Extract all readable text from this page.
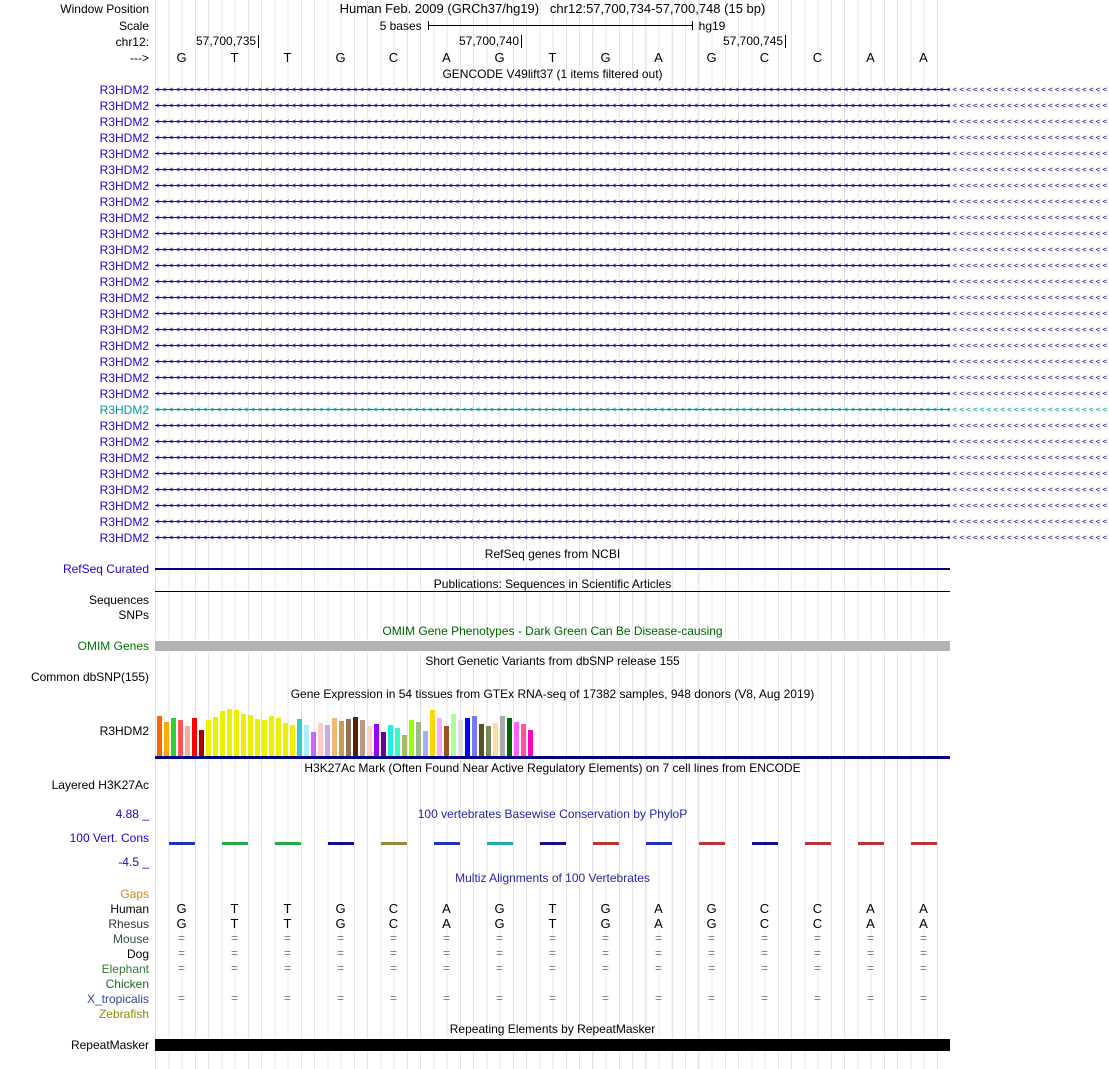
Window Position	Human Feb. 2009 (GRCh37/hg19)   chr12:57,700,734-57,700,748 (15 bp)
Scale	5 bases	hg19
chr12:	57,700,735	57,700,740	57,700,745
--->	G	T	T	G	C	A	G	T	G	A	G	C	C	A	A
GENCODE V49lift37 (1 items filtered out)
R3HDM2 <<<<<<<<<<<<<<<<<<<<<<<<<<<<<<<<<<<<<<<<<<<<<<<<<<<<<<<<<<<<<<<<<<<<<<<<<<<<<<<<<<<<<<<<<<<<<<<<<<<<<<<<<<<<<<<<<<<<<<<<<<<<<<<<<<<<<<<<<<<<
R3HDM2 <<<<<<<<<<<<<<<<<<<<<<<<<<<<<<<<<<<<<<<<<<<<<<<<<<<<<<<<<<<<<<<<<<<<<<<<<<<<<<<<<<<<<<<<<<<<<<<<<<<<<<<<<<<<<<<<<<<<<<<<<<<<<<<<<<<<<<<<<<<<
R3HDM2 <<<<<<<<<<<<<<<<<<<<<<<<<<<<<<<<<<<<<<<<<<<<<<<<<<<<<<<<<<<<<<<<<<<<<<<<<<<<<<<<<<<<<<<<<<<<<<<<<<<<<<<<<<<<<<<<<<<<<<<<<<<<<<<<<<<<<<<<<<<<
R3HDM2 <<<<<<<<<<<<<<<<<<<<<<<<<<<<<<<<<<<<<<<<<<<<<<<<<<<<<<<<<<<<<<<<<<<<<<<<<<<<<<<<<<<<<<<<<<<<<<<<<<<<<<<<<<<<<<<<<<<<<<<<<<<<<<<<<<<<<<<<<<<<
R3HDM2 <<<<<<<<<<<<<<<<<<<<<<<<<<<<<<<<<<<<<<<<<<<<<<<<<<<<<<<<<<<<<<<<<<<<<<<<<<<<<<<<<<<<<<<<<<<<<<<<<<<<<<<<<<<<<<<<<<<<<<<<<<<<<<<<<<<<<<<<<<<<
R3HDM2 <<<<<<<<<<<<<<<<<<<<<<<<<<<<<<<<<<<<<<<<<<<<<<<<<<<<<<<<<<<<<<<<<<<<<<<<<<<<<<<<<<<<<<<<<<<<<<<<<<<<<<<<<<<<<<<<<<<<<<<<<<<<<<<<<<<<<<<<<<<<
R3HDM2 <<<<<<<<<<<<<<<<<<<<<<<<<<<<<<<<<<<<<<<<<<<<<<<<<<<<<<<<<<<<<<<<<<<<<<<<<<<<<<<<<<<<<<<<<<<<<<<<<<<<<<<<<<<<<<<<<<<<<<<<<<<<<<<<<<<<<<<<<<<<
R3HDM2 <<<<<<<<<<<<<<<<<<<<<<<<<<<<<<<<<<<<<<<<<<<<<<<<<<<<<<<<<<<<<<<<<<<<<<<<<<<<<<<<<<<<<<<<<<<<<<<<<<<<<<<<<<<<<<<<<<<<<<<<<<<<<<<<<<<<<<<<<<<<
R3HDM2 <<<<<<<<<<<<<<<<<<<<<<<<<<<<<<<<<<<<<<<<<<<<<<<<<<<<<<<<<<<<<<<<<<<<<<<<<<<<<<<<<<<<<<<<<<<<<<<<<<<<<<<<<<<<<<<<<<<<<<<<<<<<<<<<<<<<<<<<<<<<
R3HDM2 <<<<<<<<<<<<<<<<<<<<<<<<<<<<<<<<<<<<<<<<<<<<<<<<<<<<<<<<<<<<<<<<<<<<<<<<<<<<<<<<<<<<<<<<<<<<<<<<<<<<<<<<<<<<<<<<<<<<<<<<<<<<<<<<<<<<<<<<<<<<
R3HDM2 <<<<<<<<<<<<<<<<<<<<<<<<<<<<<<<<<<<<<<<<<<<<<<<<<<<<<<<<<<<<<<<<<<<<<<<<<<<<<<<<<<<<<<<<<<<<<<<<<<<<<<<<<<<<<<<<<<<<<<<<<<<<<<<<<<<<<<<<<<<<
R3HDM2 <<<<<<<<<<<<<<<<<<<<<<<<<<<<<<<<<<<<<<<<<<<<<<<<<<<<<<<<<<<<<<<<<<<<<<<<<<<<<<<<<<<<<<<<<<<<<<<<<<<<<<<<<<<<<<<<<<<<<<<<<<<<<<<<<<<<<<<<<<<<
R3HDM2 <<<<<<<<<<<<<<<<<<<<<<<<<<<<<<<<<<<<<<<<<<<<<<<<<<<<<<<<<<<<<<<<<<<<<<<<<<<<<<<<<<<<<<<<<<<<<<<<<<<<<<<<<<<<<<<<<<<<<<<<<<<<<<<<<<<<<<<<<<<<
R3HDM2 <<<<<<<<<<<<<<<<<<<<<<<<<<<<<<<<<<<<<<<<<<<<<<<<<<<<<<<<<<<<<<<<<<<<<<<<<<<<<<<<<<<<<<<<<<<<<<<<<<<<<<<<<<<<<<<<<<<<<<<<<<<<<<<<<<<<<<<<<<<<
R3HDM2 <<<<<<<<<<<<<<<<<<<<<<<<<<<<<<<<<<<<<<<<<<<<<<<<<<<<<<<<<<<<<<<<<<<<<<<<<<<<<<<<<<<<<<<<<<<<<<<<<<<<<<<<<<<<<<<<<<<<<<<<<<<<<<<<<<<<<<<<<<<<
R3HDM2 <<<<<<<<<<<<<<<<<<<<<<<<<<<<<<<<<<<<<<<<<<<<<<<<<<<<<<<<<<<<<<<<<<<<<<<<<<<<<<<<<<<<<<<<<<<<<<<<<<<<<<<<<<<<<<<<<<<<<<<<<<<<<<<<<<<<<<<<<<<<
R3HDM2 <<<<<<<<<<<<<<<<<<<<<<<<<<<<<<<<<<<<<<<<<<<<<<<<<<<<<<<<<<<<<<<<<<<<<<<<<<<<<<<<<<<<<<<<<<<<<<<<<<<<<<<<<<<<<<<<<<<<<<<<<<<<<<<<<<<<<<<<<<<<
R3HDM2 <<<<<<<<<<<<<<<<<<<<<<<<<<<<<<<<<<<<<<<<<<<<<<<<<<<<<<<<<<<<<<<<<<<<<<<<<<<<<<<<<<<<<<<<<<<<<<<<<<<<<<<<<<<<<<<<<<<<<<<<<<<<<<<<<<<<<<<<<<<<
R3HDM2 <<<<<<<<<<<<<<<<<<<<<<<<<<<<<<<<<<<<<<<<<<<<<<<<<<<<<<<<<<<<<<<<<<<<<<<<<<<<<<<<<<<<<<<<<<<<<<<<<<<<<<<<<<<<<<<<<<<<<<<<<<<<<<<<<<<<<<<<<<<<
R3HDM2 <<<<<<<<<<<<<<<<<<<<<<<<<<<<<<<<<<<<<<<<<<<<<<<<<<<<<<<<<<<<<<<<<<<<<<<<<<<<<<<<<<<<<<<<<<<<<<<<<<<<<<<<<<<<<<<<<<<<<<<<<<<<<<<<<<<<<<<<<<<<
R3HDM2 <<<<<<<<<<<<<<<<<<<<<<<<<<<<<<<<<<<<<<<<<<<<<<<<<<<<<<<<<<<<<<<<<<<<<<<<<<<<<<<<<<<<<<<<<<<<<<<<<<<<<<<<<<<<<<<<<<<<<<<<<<<<<<<<<<<<<<<<<<<<
R3HDM2 <<<<<<<<<<<<<<<<<<<<<<<<<<<<<<<<<<<<<<<<<<<<<<<<<<<<<<<<<<<<<<<<<<<<<<<<<<<<<<<<<<<<<<<<<<<<<<<<<<<<<<<<<<<<<<<<<<<<<<<<<<<<<<<<<<<<<<<<<<<<
R3HDM2 <<<<<<<<<<<<<<<<<<<<<<<<<<<<<<<<<<<<<<<<<<<<<<<<<<<<<<<<<<<<<<<<<<<<<<<<<<<<<<<<<<<<<<<<<<<<<<<<<<<<<<<<<<<<<<<<<<<<<<<<<<<<<<<<<<<<<<<<<<<<
R3HDM2 <<<<<<<<<<<<<<<<<<<<<<<<<<<<<<<<<<<<<<<<<<<<<<<<<<<<<<<<<<<<<<<<<<<<<<<<<<<<<<<<<<<<<<<<<<<<<<<<<<<<<<<<<<<<<<<<<<<<<<<<<<<<<<<<<<<<<<<<<<<<
R3HDM2 <<<<<<<<<<<<<<<<<<<<<<<<<<<<<<<<<<<<<<<<<<<<<<<<<<<<<<<<<<<<<<<<<<<<<<<<<<<<<<<<<<<<<<<<<<<<<<<<<<<<<<<<<<<<<<<<<<<<<<<<<<<<<<<<<<<<<<<<<<<<
R3HDM2 <<<<<<<<<<<<<<<<<<<<<<<<<<<<<<<<<<<<<<<<<<<<<<<<<<<<<<<<<<<<<<<<<<<<<<<<<<<<<<<<<<<<<<<<<<<<<<<<<<<<<<<<<<<<<<<<<<<<<<<<<<<<<<<<<<<<<<<<<<<<
R3HDM2 <<<<<<<<<<<<<<<<<<<<<<<<<<<<<<<<<<<<<<<<<<<<<<<<<<<<<<<<<<<<<<<<<<<<<<<<<<<<<<<<<<<<<<<<<<<<<<<<<<<<<<<<<<<<<<<<<<<<<<<<<<<<<<<<<<<<<<<<<<<<
R3HDM2 <<<<<<<<<<<<<<<<<<<<<<<<<<<<<<<<<<<<<<<<<<<<<<<<<<<<<<<<<<<<<<<<<<<<<<<<<<<<<<<<<<<<<<<<<<<<<<<<<<<<<<<<<<<<<<<<<<<<<<<<<<<<<<<<<<<<<<<<<<<<
R3HDM2 <<<<<<<<<<<<<<<<<<<<<<<<<<<<<<<<<<<<<<<<<<<<<<<<<<<<<<<<<<<<<<<<<<<<<<<<<<<<<<<<<<<<<<<<<<<<<<<<<<<<<<<<<<<<<<<<<<<<<<<<<<<<<<<<<<<<<<<<<<<<
RefSeq genes from NCBI
RefSeq Curated
Publications: Sequences in Scientific Articles
Sequences
SNPs
OMIM Gene Phenotypes - Dark Green Can Be Disease-causing
OMIM Genes
Short Genetic Variants from dbSNP release 155
Common dbSNP(155)
Gene Expression in 54 tissues from GTEx RNA-seq of 17382 samples, 948 donors (V8, Aug 2019)
R3HDM2
H3K27Ac Mark (Often Found Near Active Regulatory Elements) on 7 cell lines from ENCODE
Layered H3K27Ac
4.88 _	100 vertebrates Basewise Conservation by PhyloP
100 Vert. Cons
-4.5 _
Multiz Alignments of 100 Vertebrates
Gaps
Human	G	T	T	G	C	A	G	T	G	A	G	C	C	A	A
Rhesus	G	T	T	G	C	A	G	T	G	A	G	C	C	A	A
Mouse	=	=	=	=	=	=	=	=	=	=	=	=	=	=	=
Dog	=	=	=	=	=	=	=	=	=	=	=	=	=	=	=
Elephant	=	=	=	=	=	=	=	=	=	=	=	=	=	=	=
Chicken
X_tropicalis	=	=	=	=	=	=	=	=	=	=	=	=	=	=	=
Zebrafish
Repeating Elements by RepeatMasker
RepeatMasker
